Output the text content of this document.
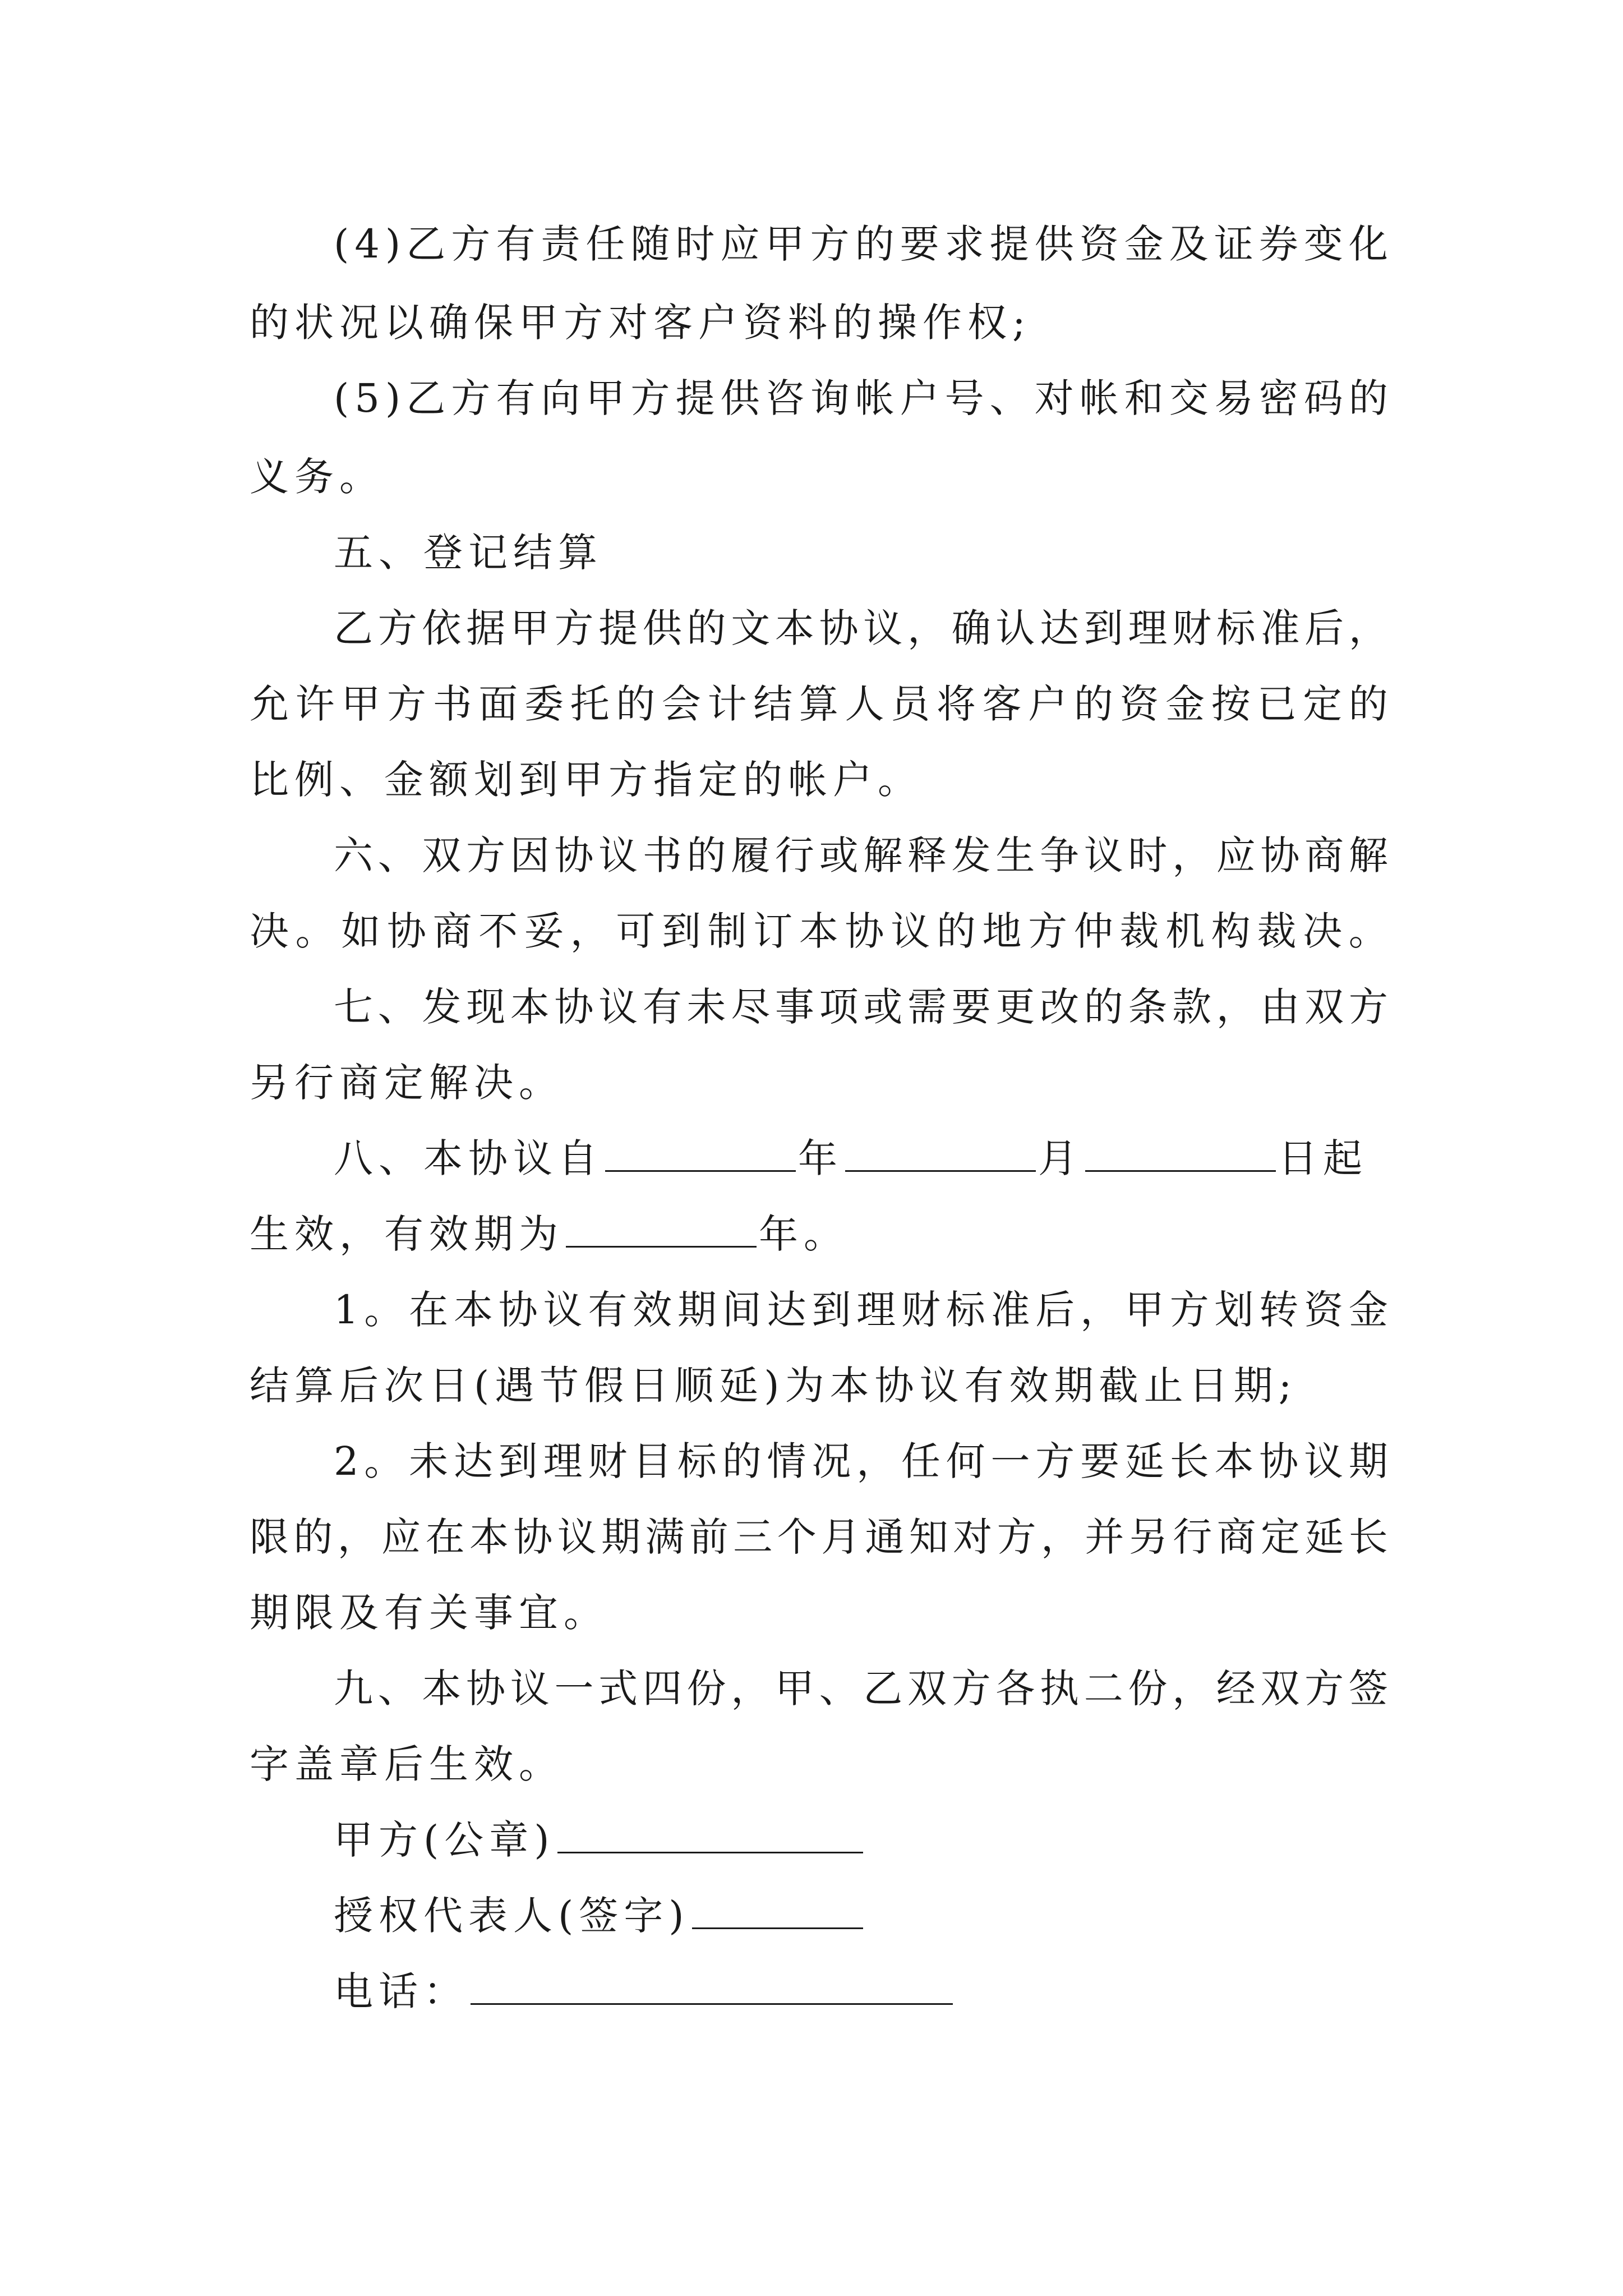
( 4 ) 乙 方 有 责 任 随 时 应 甲 方 的 要 求 提 供 资 金 及 证 券 变 化
的状况以确保甲方对客户资料的操作权;
( 5 ) 乙 方 有 向 甲 方 提 供 咨 询 帐 户 号 、 对 帐 和 交 易 密 码 的
义务。
五、登记结算
乙 方 依 据 甲 方 提 供 的 文 本 协 议 ， 确 认 达 到 理 财 标 准 后 ，
允 许 甲 方 书 面 委 托 的 会 计 结 算 人 员 将 客 户 的 资 金 按 已 定 的
比例、金额划到甲方指定的帐户。
六 、 双 方 因 协 议 书 的 履 行 或 解 释 发 生 争 议 时 ， 应 协 商 解
决 。 如 协 商 不 妥 ， 可 到 制 订 本 协 议 的 地 方 仲 裁 机 构 裁 决 。
七 、 发 现 本 协 议 有 未 尽 事 项 或 需 要 更 改 的 条 款 ， 由 双 方
另行商定解决。
八、本协议自	年	月	日起
生效，有效期为	年。
1 。 在 本 协 议 有 效 期 间 达 到 理 财 标 准 后 ， 甲 方 划 转 资 金
结算后次日(遇节假日顺延)为本协议有效期截止日期;
2 。 未 达 到 理 财 目 标 的 情 况 ， 任 何 一 方 要 延 长 本 协 议 期
限 的 ， 应 在 本 协 议 期 满 前 三 个 月 通 知 对 方 ， 并 另 行 商 定 延 长
期限及有关事宜。
九 、 本 协 议 一 式 四 份 ， 甲 、 乙 双 方 各 执 二 份 ， 经 双 方 签
字盖章后生效。
甲方(公章)
授权代表人(签字)
电话：
